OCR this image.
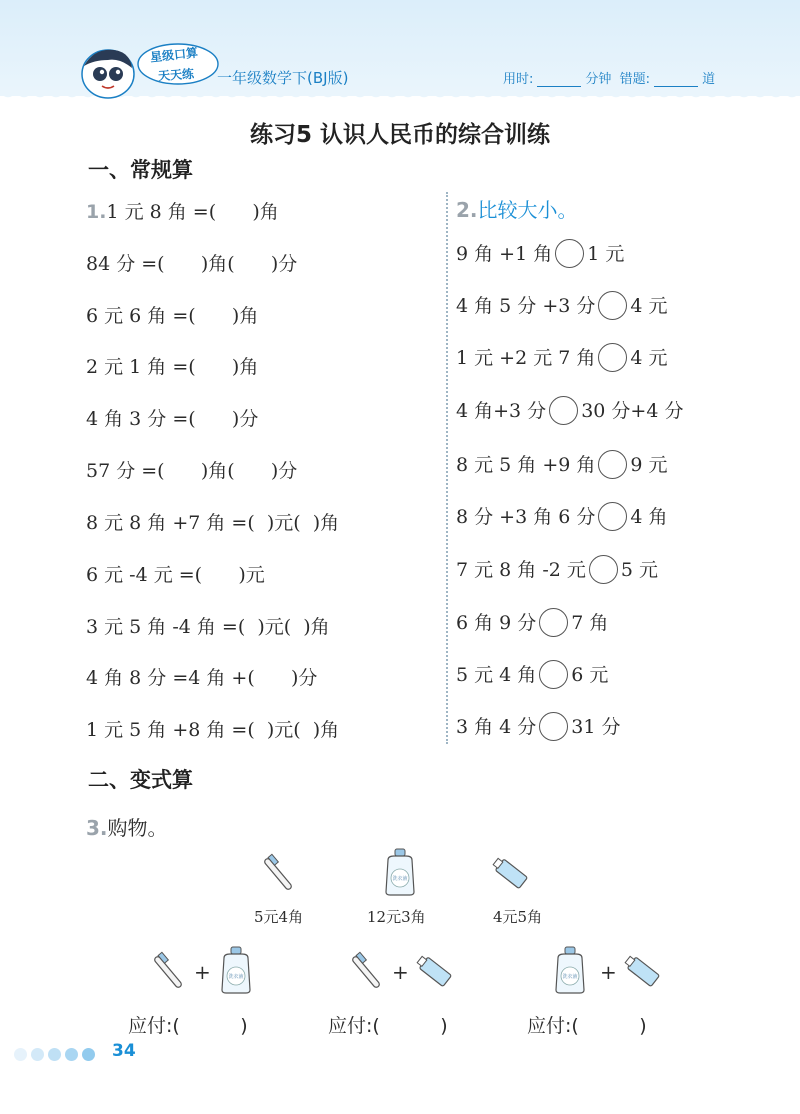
星级口算
天天练 一年级数学下(BJ版)	用时:	分钟 错题:	道
练习5 认识人民币的综合训练
一、常规算
1.1 元 8 角 =(      )角
84 分 =(      )角(      )分
6 元 6 角 =(      )角
2 元 1 角 =(      )角
4 角 3 分 =(      )分
57 分 =(      )角(      )分
8 元 8 角 +7 角 =(  )元(  )角
6 元 -4 元 =(      )元
3 元 5 角 -4 角 =(  )元(  )角
4 角 8 分 =4 角 +(      )分
1 元 5 角 +8 角 =(  )元(  )角
2.比较大小。
9 角 +1 角 1 元
4 角 5 分 +3 分 4 元
1 元 +2 元 7 角 4 元
4 角+3 分 30 分+4 分
8 元 5 角 +9 角 9 元
8 分 +3 角 6 分 4 角
7 元 8 角 -2 元 5 元
6 角 9 分 7 角
5 元 4 角 6 元
3 角 4 分 31 分
二、变式算
3.购物。
洗衣液
5元4角	12元3角	4元5角
+	洗衣液	+	洗衣液 +
应付:(          )	应付:(          )	应付:(          )
34
